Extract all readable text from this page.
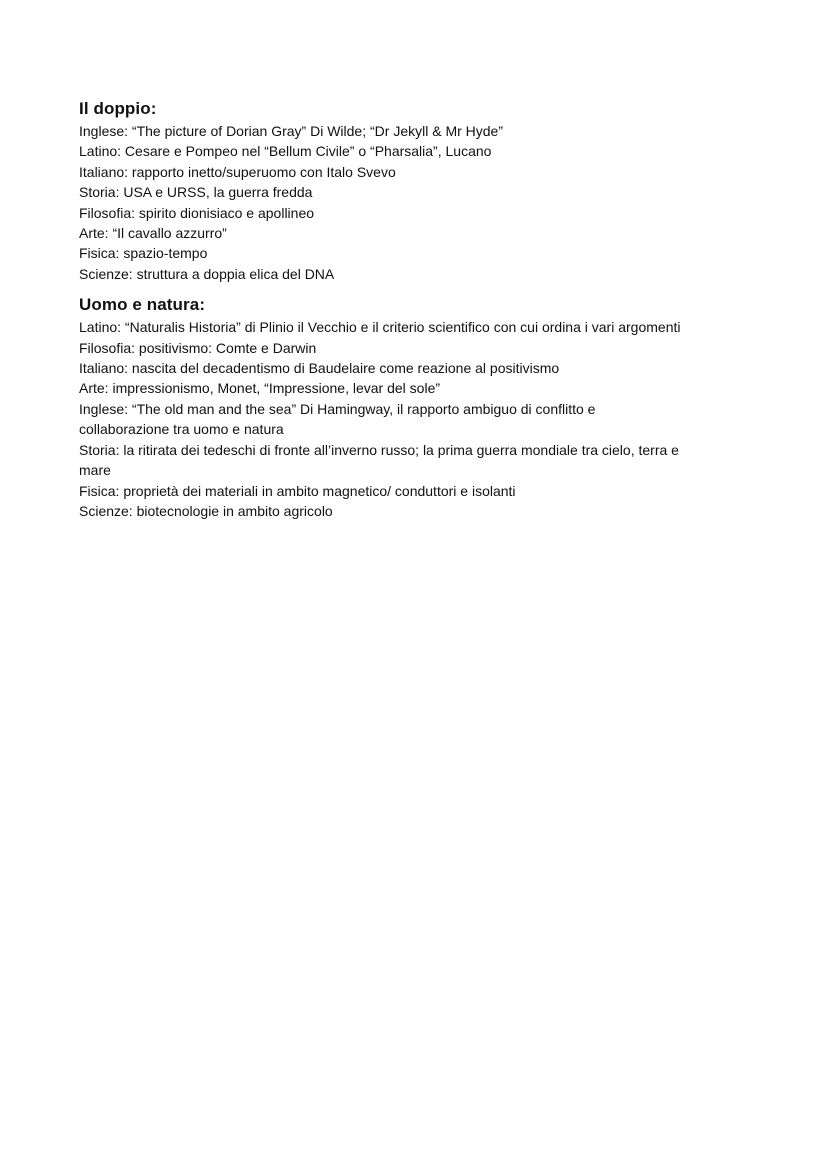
Il doppio:
Inglese: “The picture of Dorian Gray” Di Wilde; “Dr Jekyll & Mr Hyde”
Latino: Cesare e Pompeo nel “Bellum Civile” o “Pharsalia”, Lucano
Italiano: rapporto inetto/superuomo con Italo Svevo
Storia: USA e URSS, la guerra fredda
Filosofia: spirito dionisiaco e apollineo
Arte: “Il cavallo azzurro”
Fisica: spazio-tempo
Scienze: struttura a doppia elica del DNA
Uomo e natura:
Latino: “Naturalis Historia” di Plinio il Vecchio e il criterio scientifico con cui ordina i vari argomenti
Filosofia: positivismo: Comte e Darwin
Italiano: nascita del decadentismo di Baudelaire come reazione al positivismo
Arte: impressionismo, Monet, “Impressione, levar del sole”
Inglese: “The old man and the sea” Di Hamingway, il rapporto ambiguo di conflitto e
collaborazione tra uomo e natura
Storia: la ritirata dei tedeschi di fronte all’inverno russo; la prima guerra mondiale tra cielo, terra e
mare
Fisica: proprietà dei materiali in ambito magnetico/ conduttori e isolanti
Scienze: biotecnologie in ambito agricolo
